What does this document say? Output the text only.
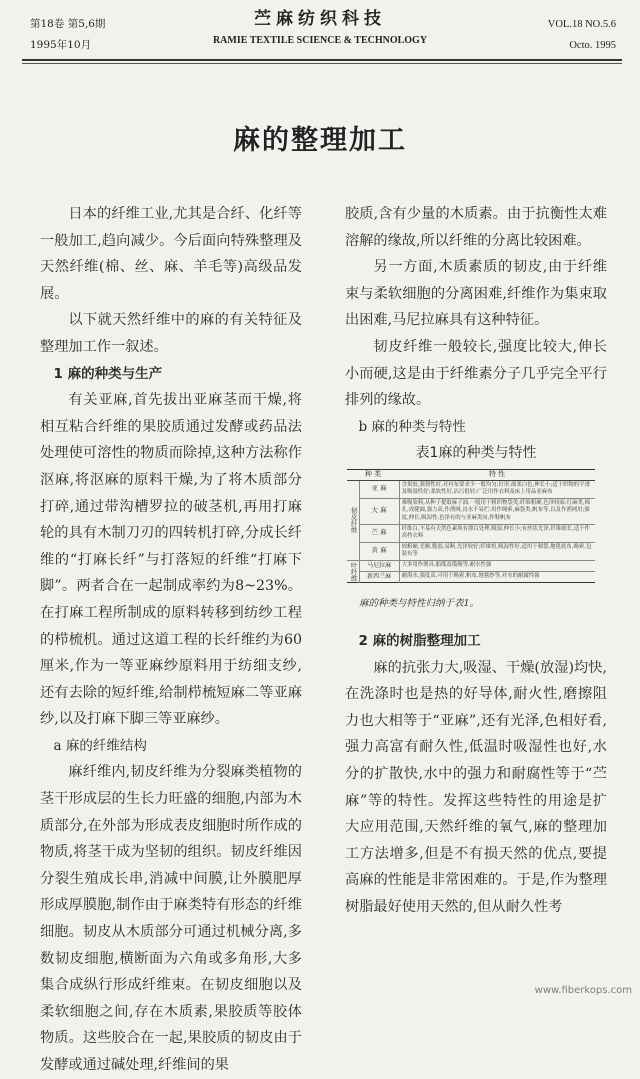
第18卷 第5,6期
1995年10月
苎麻纺织科技
RAMIE TEXTILE SCIENCE & TECHNOLOGY
VOL.18 NO.5.6
Octo. 1995
麻的整理加工

日本的纤维工业,尤其是合纤、化纤等一般加工,趋向减少。今后面向特殊整理及天然纤维(棉、丝、麻、羊毛等)高级品发展。

以下就天然纤维中的麻的有关特征及整理加工作一叙述。

1 麻的种类与生产

有关亚麻,首先拔出亚麻茎而干燥,将相互粘合纤维的果胶质通过发酵或药品法处理使可溶性的物质而除掉,这种方法称作沤麻,将沤麻的原料干燥,为了将木质部分打碎,通过带沟槽罗拉的破茎机,再用打麻轮的具有木制刀刃的四转机打碎,分成长纤维的“打麻长纤”与打落短的纤维“打麻下脚”。两者合在一起制成率约为8~23%。在打麻工程所制成的原料转移到纺纱工程的栉梳机。通过这道工程的长纤维约为60厘米,作为一等亚麻纱原料用于纺细支纱,还有去除的短纤维,给制栉梳短麻二等亚麻纱,以及打麻下脚三等亚麻纱。

a 麻的纤维结构

麻纤维内,韧皮纤维为分裂麻类植物的茎干形成层的生长力旺盛的细胞,内部为木质部分,在外部为形成表皮细胞时所作成的物质,将茎干成为坚韧的组织。韧皮纤维因分裂生殖成长串,消减中间膜,让外膜肥厚形成厚膜胞,制作由于麻类特有形态的纤维细胞。韧皮从木质部分可通过机械分离,多数韧皮细胞,横断面为六角或多角形,大多集合成纵行形成纤维束。在韧皮细胞以及柔软细胞之间,存在木质素,果胶质等胶体物质。这些胶合在一起,果胶质的韧皮由于发酵或通过碱处理,纤维间的果

胶质,含有少量的木质素。由于抗衡性太难溶解的缘故,所以纤维的分离比较困难。

另一方面,木质素质的韧皮,由于纤维束与柔软细胞的分离困难,纤维作为集束取出困难,马尼拉麻具有这种特征。

韧皮纤维一般较长,强度比较大,伸长小而硬,这是由于纤维素分子几乎完全平行排列的缘故。

b 麻的种类与特性

表1麻的种类与特性
种 类		特 性
韧皮纤维	亚 麻	含果胶,强韧性好,对衬布要求少一般均匀;针形,细柔白色,伸长小;适于织物的平滑及吸湿性好;柔软性好,沾污很轻;广泛用作衣料及床上用品亚麻布
	大 麻	难吸染料,从种子提取麻子油,一般用于粗织物袋类;纤维粗硬,色泽较暗;红麻类,棉孔,成健圆,强力高,作渔网,浸水不易烂;用作绳索,麻袋类,帆布等,以及作渔网用;强度,伸长,吸湿性,色泽有的与亚麻类同,作鞋帆布
	苎 麻	纤维白,不易有天然色素须有漂白处理,吸湿,伸长小;有丝状光泽,纤维细长,适于作高档衣料
	黄 麻	较粗硬,光顺,脆弱,易断,光泽较好;纤维短,吸湿性好,适用于制袋,地毯底布,绳索,包装布等
叶纤维	马尼拉麻	大多用作渔具,船缆及缆绳等,耐水性强
	新西兰麻	耐海水,强度高,可用于绳索,帆布,地毯纱等,对水的耐腐性强

麻的种类与特性归纳于表1。

2 麻的树脂整理加工

麻的抗张力大,吸湿、干燥(放湿)均快,在洗涤时也是热的好导体,耐火性,磨擦阻力也大相等于“亚麻”,还有光泽,色相好看,强力高富有耐久性,低温时吸湿性也好,水分的扩散快,水中的强力和耐腐性等于“苎麻”等的特性。发挥这些特性的用途是扩大应用范围,天然纤维的氧气,麻的整理加工方法增多,但是不有损天然的优点,要提高麻的性能是非常困难的。于是,作为整理树脂最好使用天然的,但从耐久性考

www.fiberkops.com
